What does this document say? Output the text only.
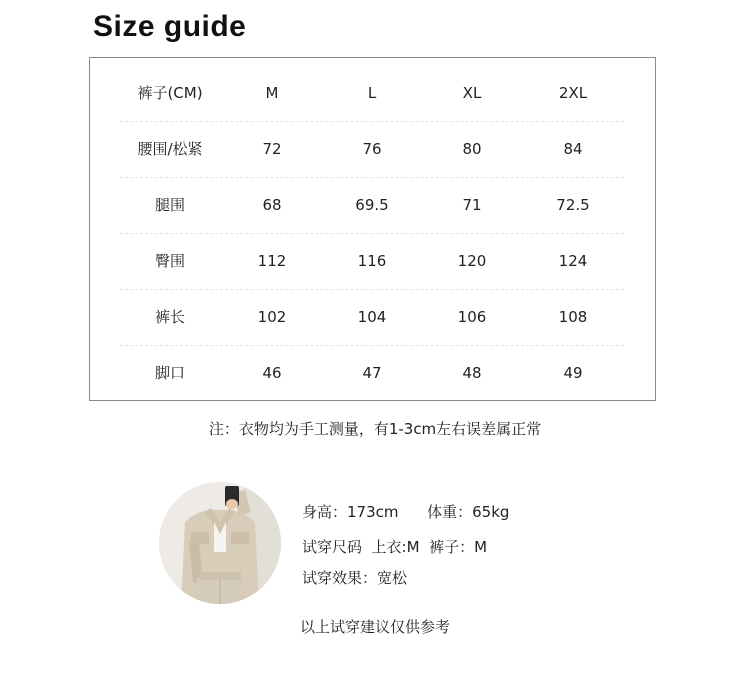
Size guide
裤子(CM)	M	L	XL	2XL
腰围/松紧	72	76	80	84
腿围	68	69.5	71	72.5
臀围	112	116	120	124
裤长	102	104	106	108
脚口	46	47	48	49
注：衣物均为手工测量，有1-3cm左右误差属正常
身高：173cm 体重：65kg
试穿尺码  上衣:M  裤子：M
试穿效果：宽松
以上试穿建议仅供参考
